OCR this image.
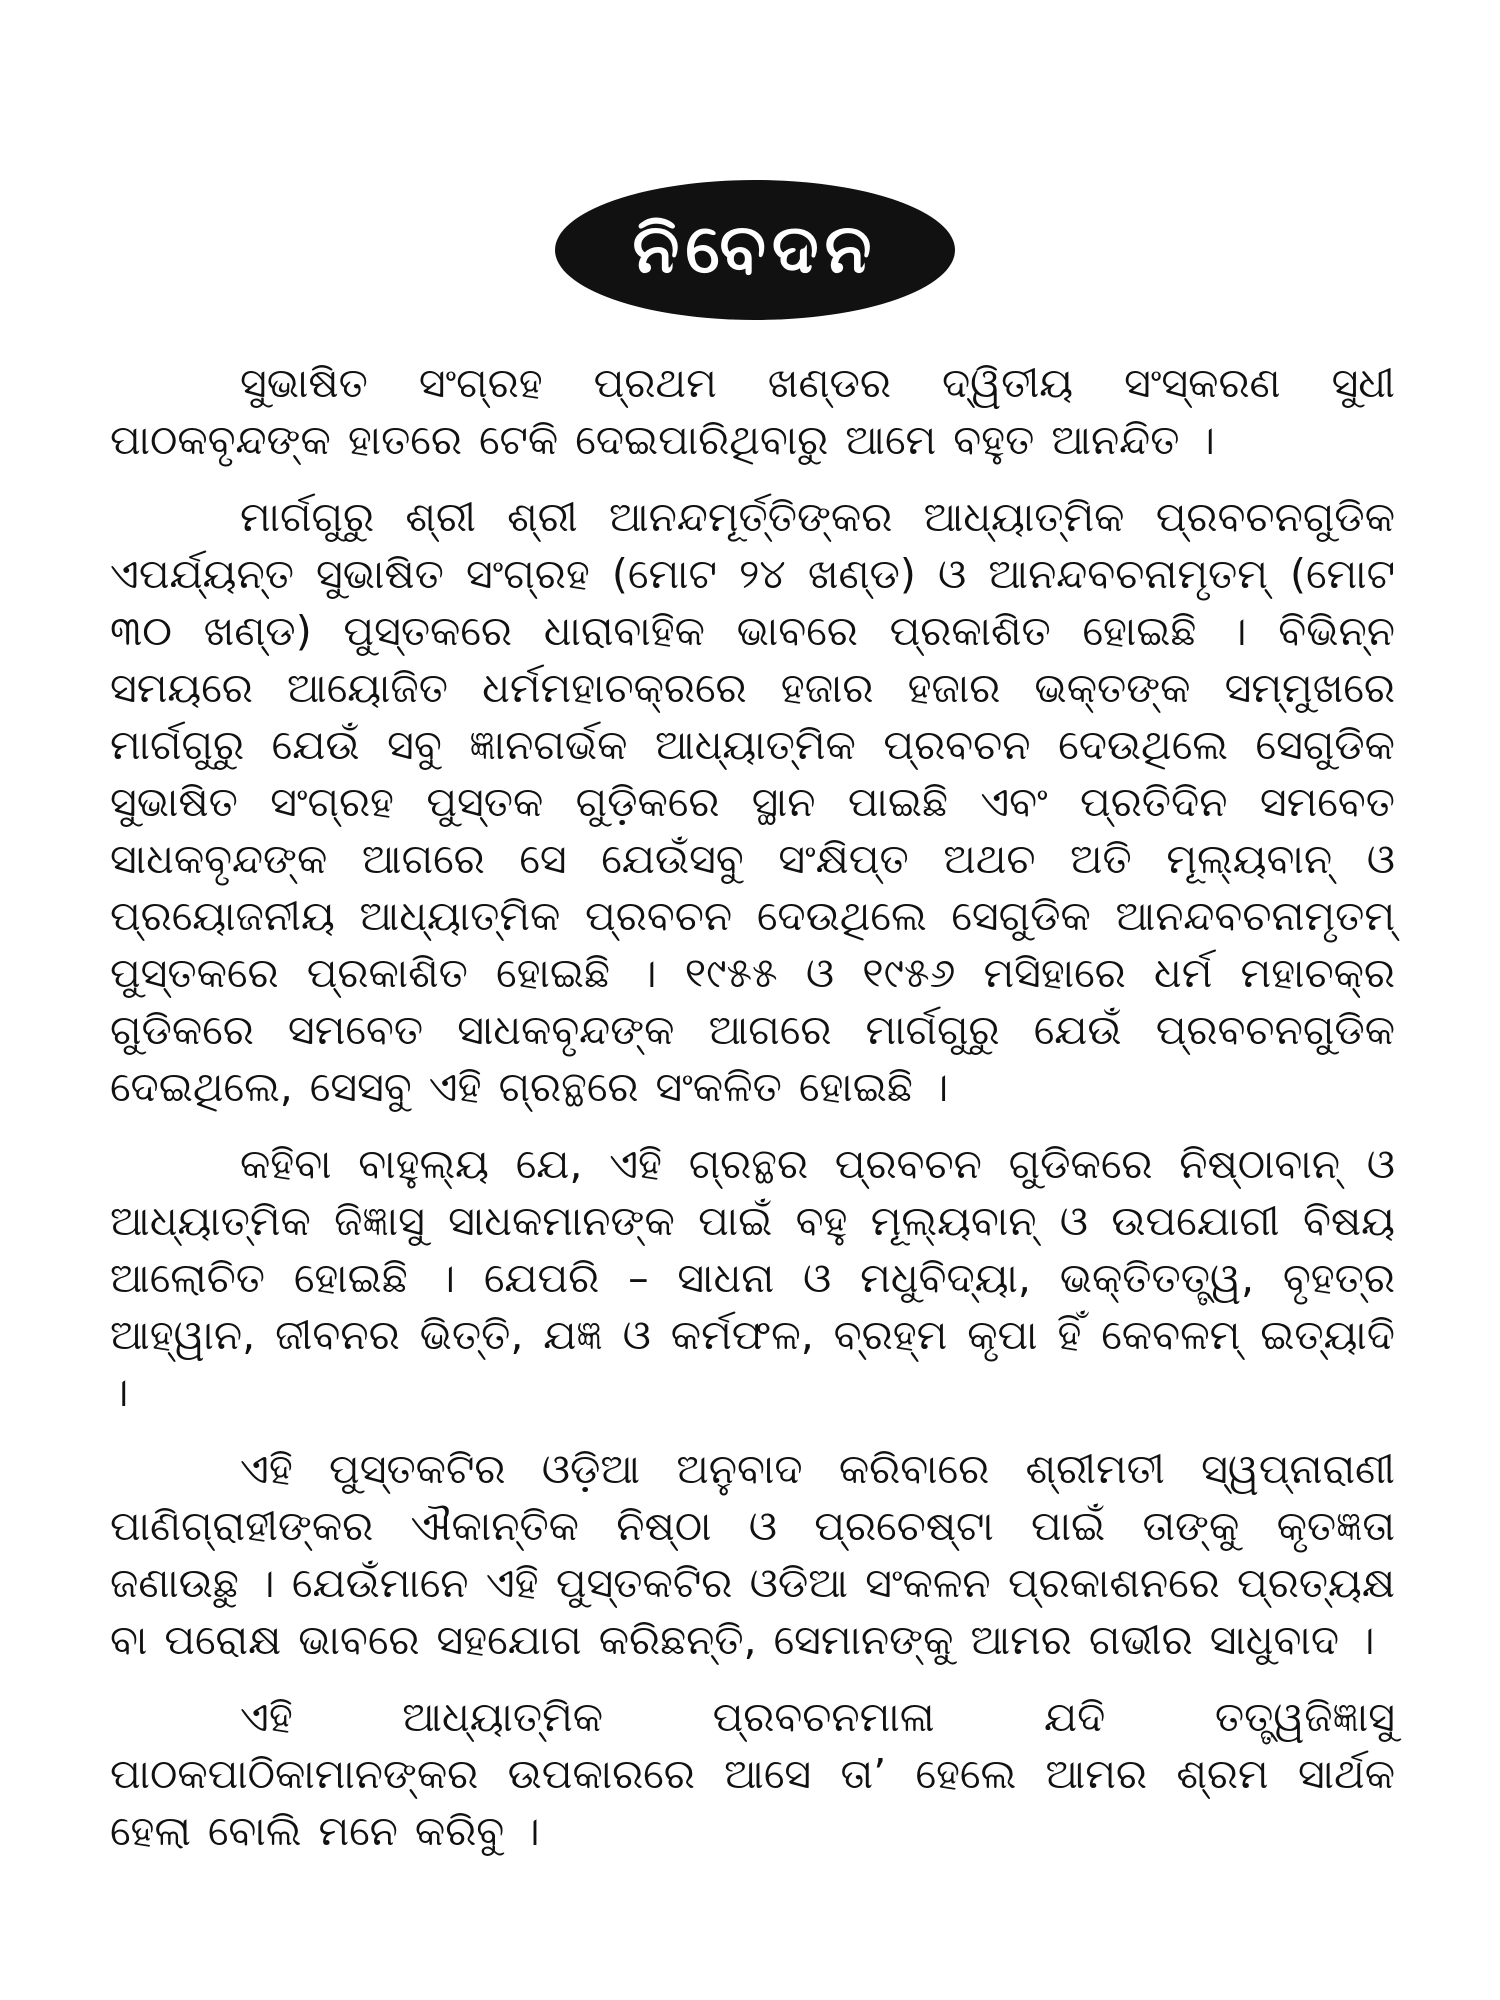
ନିବେଦନ

ସୁଭାଷିତ ସଂଗ୍ରହ ପ୍ରଥମ ଖଣ୍ଡର ଦ୍ୱିତୀୟ ସଂସ୍କରଣ ସୁଧୀ ପାଠକବୃନ୍ଦଙ୍କ ହାତରେ ଟେକି ଦେଇପାରିଥିବାରୁ ଆମେ ବହୁତ ଆନନ୍ଦିତ ।

ମାର୍ଗଗୁରୁ ଶ୍ରୀ ଶ୍ରୀ ଆନନ୍ଦମୂର୍ତ୍ତିଙ୍କର ଆଧ୍ୟାତ୍ମିକ ପ୍ରବଚନଗୁଡିକ ଏପର୍ଯ୍ୟନ୍ତ ସୁଭାଷିତ ସଂଗ୍ରହ (ମୋଟ ୨୪ ଖଣ୍ଡ) ଓ ଆନନ୍ଦବଚନାମୃତମ୍ (ମୋଟ ୩୦ ଖଣ୍ଡ) ପୁସ୍ତକରେ ଧାରାବାହିକ ଭାବରେ ପ୍ରକାଶିତ ହୋଇଛି । ବିଭିନ୍ନ ସମୟରେ ଆୟୋଜିତ ଧର୍ମମହାଚକ୍ରରେ ହଜାର ହଜାର ଭକ୍ତଙ୍କ ସମ୍ମୁଖରେ ମାର୍ଗଗୁରୁ ଯେଉଁ ସବୁ ଜ୍ଞାନଗର୍ଭକ ଆଧ୍ୟାତ୍ମିକ ପ୍ରବଚନ ଦେଉଥିଲେ ସେଗୁଡିକ ସୁଭାଷିତ ସଂଗ୍ରହ ପୁସ୍ତକ ଗୁଡ଼ିକରେ ସ୍ଥାନ ପାଇଛି ଏବଂ ପ୍ରତିଦିନ ସମବେତ ସାଧକବୃନ୍ଦଙ୍କ ଆଗରେ ସେ ଯେଉଁସବୁ ସଂକ୍ଷିପ୍ତ ଅଥଚ ଅତି ମୂଲ୍ୟବାନ୍ ଓ ପ୍ରୟୋଜନୀୟ ଆଧ୍ୟାତ୍ମିକ ପ୍ରବଚନ ଦେଉଥିଲେ ସେଗୁଡିକ ଆନନ୍ଦବଚନାମୃତମ୍ ପୁସ୍ତକରେ ପ୍ରକାଶିତ ହୋଇଛି । ୧୯୫୫ ଓ ୧୯୫୬ ମସିହାରେ ଧର୍ମ ମହାଚକ୍ର ଗୁଡିକରେ ସମବେତ ସାଧକବୃନ୍ଦଙ୍କ ଆଗରେ ମାର୍ଗଗୁରୁ ଯେଉଁ ପ୍ରବଚନଗୁଡିକ ଦେଇଥିଲେ, ସେସବୁ ଏହି ଗ୍ରନ୍ଥରେ ସଂକଳିତ ହୋଇଛି ।

କହିବା ବାହୁଲ୍ୟ ଯେ, ଏହି ଗ୍ରନ୍ଥର ପ୍ରବଚନ ଗୁଡିକରେ ନିଷ୍ଠାବାନ୍ ଓ ଆଧ୍ୟାତ୍ମିକ ଜିଜ୍ଞାସୁ ସାଧକମାନଙ୍କ ପାଇଁ ବହୁ ମୂଲ୍ୟବାନ୍ ଓ ଉପଯୋଗୀ ବିଷୟ ଆଲୋଚିତ ହୋଇଛି । ଯେପରି – ସାଧନା ଓ ମଧୁବିଦ୍ୟା, ଭକ୍ତିତତ୍ତ୍ୱ, ବୃହତ୍‌ର ଆହ୍ୱାନ, ଜୀବନର ଭିତ୍ତି, ଯଜ୍ଞ ଓ କର୍ମଫଳ, ବ୍ରହ୍ମ କୃପା ହିଁ କେବଳମ୍ ଇତ୍ୟାଦି ।

ଏହି ପୁସ୍ତକଟିର ଓଡ଼ିଆ ଅନୁବାଦ କରିବାରେ ଶ୍ରୀମତୀ ସ୍ୱପ୍ନାରାଣୀ ପାଣିଗ୍ରାହୀଙ୍କର ଐକାନ୍ତିକ ନିଷ୍ଠା ଓ ପ୍ରଚେଷ୍ଟା ପାଇଁ ତାଙ୍କୁ କୃତଜ୍ଞତା ଜଣାଉଛୁ । ଯେଉଁମାନେ ଏହି ପୁସ୍ତକଟିର ଓଡିଆ ସଂକଳନ ପ୍ରକାଶନରେ ପ୍ରତ୍ୟକ୍ଷ ବା ପରୋକ୍ଷ ଭାବରେ ସହଯୋଗ କରିଛନ୍ତି, ସେମାନଙ୍କୁ ଆମର ଗଭୀର ସାଧୁବାଦ ।

ଏହି ଆଧ୍ୟାତ୍ମିକ ପ୍ରବଚନମାଳା ଯଦି ତତ୍ତ୍ୱଜିଜ୍ଞାସୁ ପାଠକପାଠିକାମାନଙ୍କର ଉପକାରରେ ଆସେ ତା’ ହେଲେ ଆମର ଶ୍ରମ ସାର୍ଥକ ହେଲା ବୋଲି ମନେ କରିବୁ ।
